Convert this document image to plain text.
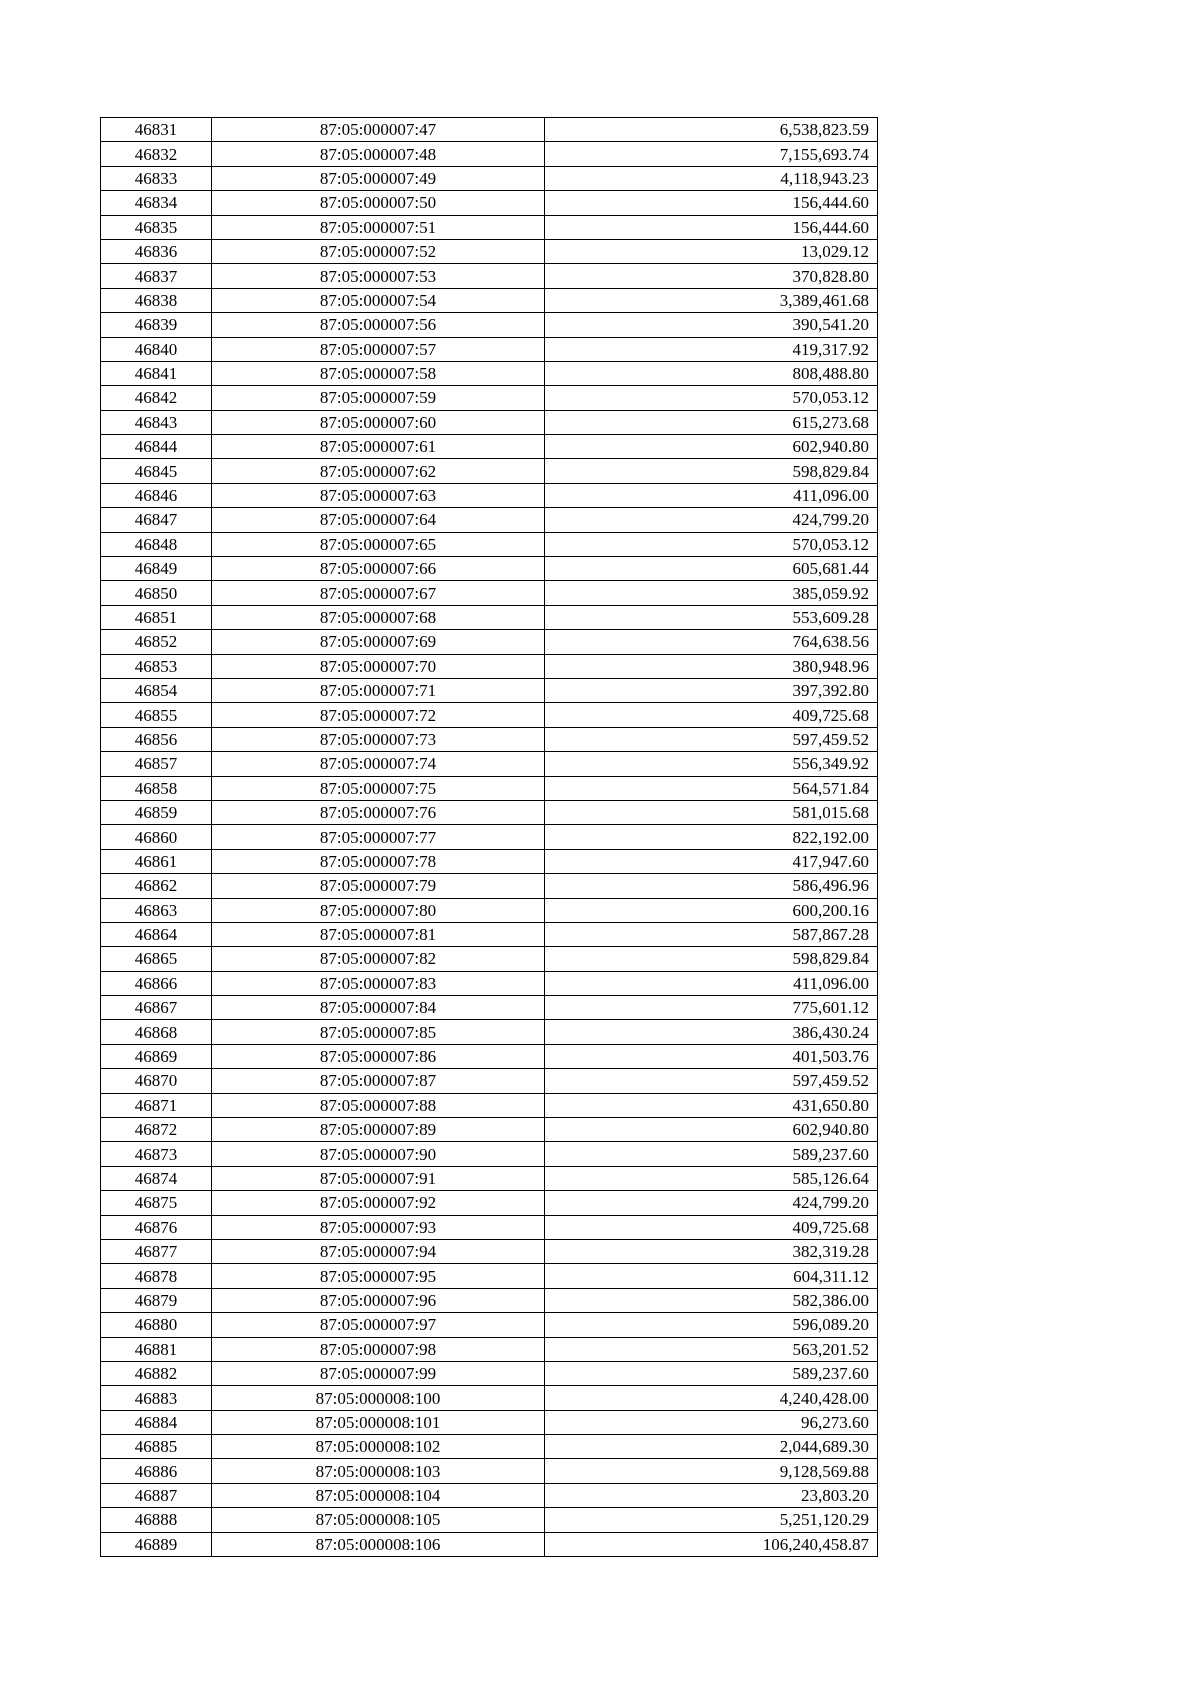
46831	87:05:000007:47	6,538,823.59
46832	87:05:000007:48	7,155,693.74
46833	87:05:000007:49	4,118,943.23
46834	87:05:000007:50	156,444.60
46835	87:05:000007:51	156,444.60
46836	87:05:000007:52	13,029.12
46837	87:05:000007:53	370,828.80
46838	87:05:000007:54	3,389,461.68
46839	87:05:000007:56	390,541.20
46840	87:05:000007:57	419,317.92
46841	87:05:000007:58	808,488.80
46842	87:05:000007:59	570,053.12
46843	87:05:000007:60	615,273.68
46844	87:05:000007:61	602,940.80
46845	87:05:000007:62	598,829.84
46846	87:05:000007:63	411,096.00
46847	87:05:000007:64	424,799.20
46848	87:05:000007:65	570,053.12
46849	87:05:000007:66	605,681.44
46850	87:05:000007:67	385,059.92
46851	87:05:000007:68	553,609.28
46852	87:05:000007:69	764,638.56
46853	87:05:000007:70	380,948.96
46854	87:05:000007:71	397,392.80
46855	87:05:000007:72	409,725.68
46856	87:05:000007:73	597,459.52
46857	87:05:000007:74	556,349.92
46858	87:05:000007:75	564,571.84
46859	87:05:000007:76	581,015.68
46860	87:05:000007:77	822,192.00
46861	87:05:000007:78	417,947.60
46862	87:05:000007:79	586,496.96
46863	87:05:000007:80	600,200.16
46864	87:05:000007:81	587,867.28
46865	87:05:000007:82	598,829.84
46866	87:05:000007:83	411,096.00
46867	87:05:000007:84	775,601.12
46868	87:05:000007:85	386,430.24
46869	87:05:000007:86	401,503.76
46870	87:05:000007:87	597,459.52
46871	87:05:000007:88	431,650.80
46872	87:05:000007:89	602,940.80
46873	87:05:000007:90	589,237.60
46874	87:05:000007:91	585,126.64
46875	87:05:000007:92	424,799.20
46876	87:05:000007:93	409,725.68
46877	87:05:000007:94	382,319.28
46878	87:05:000007:95	604,311.12
46879	87:05:000007:96	582,386.00
46880	87:05:000007:97	596,089.20
46881	87:05:000007:98	563,201.52
46882	87:05:000007:99	589,237.60
46883	87:05:000008:100	4,240,428.00
46884	87:05:000008:101	96,273.60
46885	87:05:000008:102	2,044,689.30
46886	87:05:000008:103	9,128,569.88
46887	87:05:000008:104	23,803.20
46888	87:05:000008:105	5,251,120.29
46889	87:05:000008:106	106,240,458.87
